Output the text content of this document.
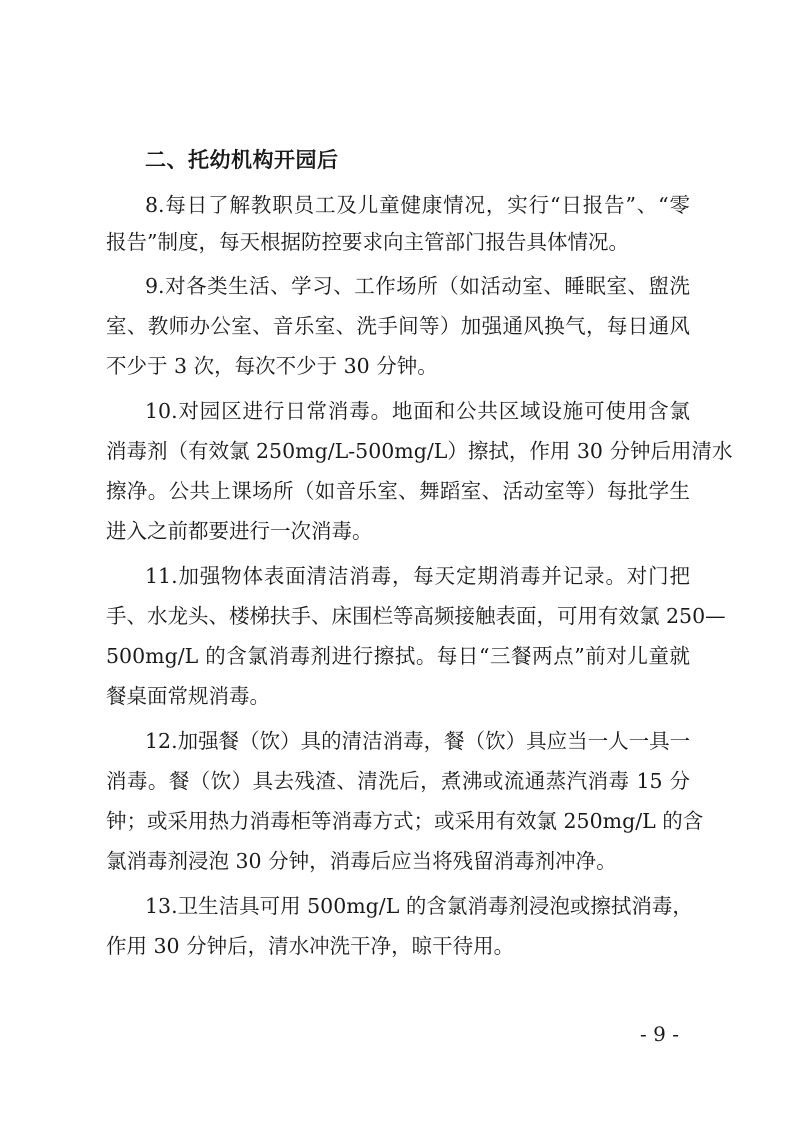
二、托幼机构开园后
8.每日了解教职员工及儿童健康情况，实行“日报告”、“零
报告”制度，每天根据防控要求向主管部门报告具体情况。
9.对各类生活、学习、工作场所（如活动室、睡眠室、盥洗
室、教师办公室、音乐室、洗手间等）加强通风换气，每日通风
不少于 3 次，每次不少于 30 分钟。
10.对园区进行日常消毒。地面和公共区域设施可使用含氯
消毒剂（有效氯 250mg/L-500mg/L）擦拭，作用 30 分钟后用清水
擦净。公共上课场所（如音乐室、舞蹈室、活动室等）每批学生
进入之前都要进行一次消毒。
11.加强物体表面清洁消毒，每天定期消毒并记录。对门把
手、水龙头、楼梯扶手、床围栏等高频接触表面，可用有效氯 250—
500mg/L 的含氯消毒剂进行擦拭。每日“三餐两点”前对儿童就
餐桌面常规消毒。
12.加强餐（饮）具的清洁消毒，餐（饮）具应当一人一具一
消毒。餐（饮）具去残渣、清洗后，煮沸或流通蒸汽消毒 15 分
钟；或采用热力消毒柜等消毒方式；或采用有效氯 250mg/L 的含
氯消毒剂浸泡 30 分钟，消毒后应当将残留消毒剂冲净。
13.卫生洁具可用 500mg/L 的含氯消毒剂浸泡或擦拭消毒，
作用 30 分钟后，清水冲洗干净，晾干待用。
- 9 -
